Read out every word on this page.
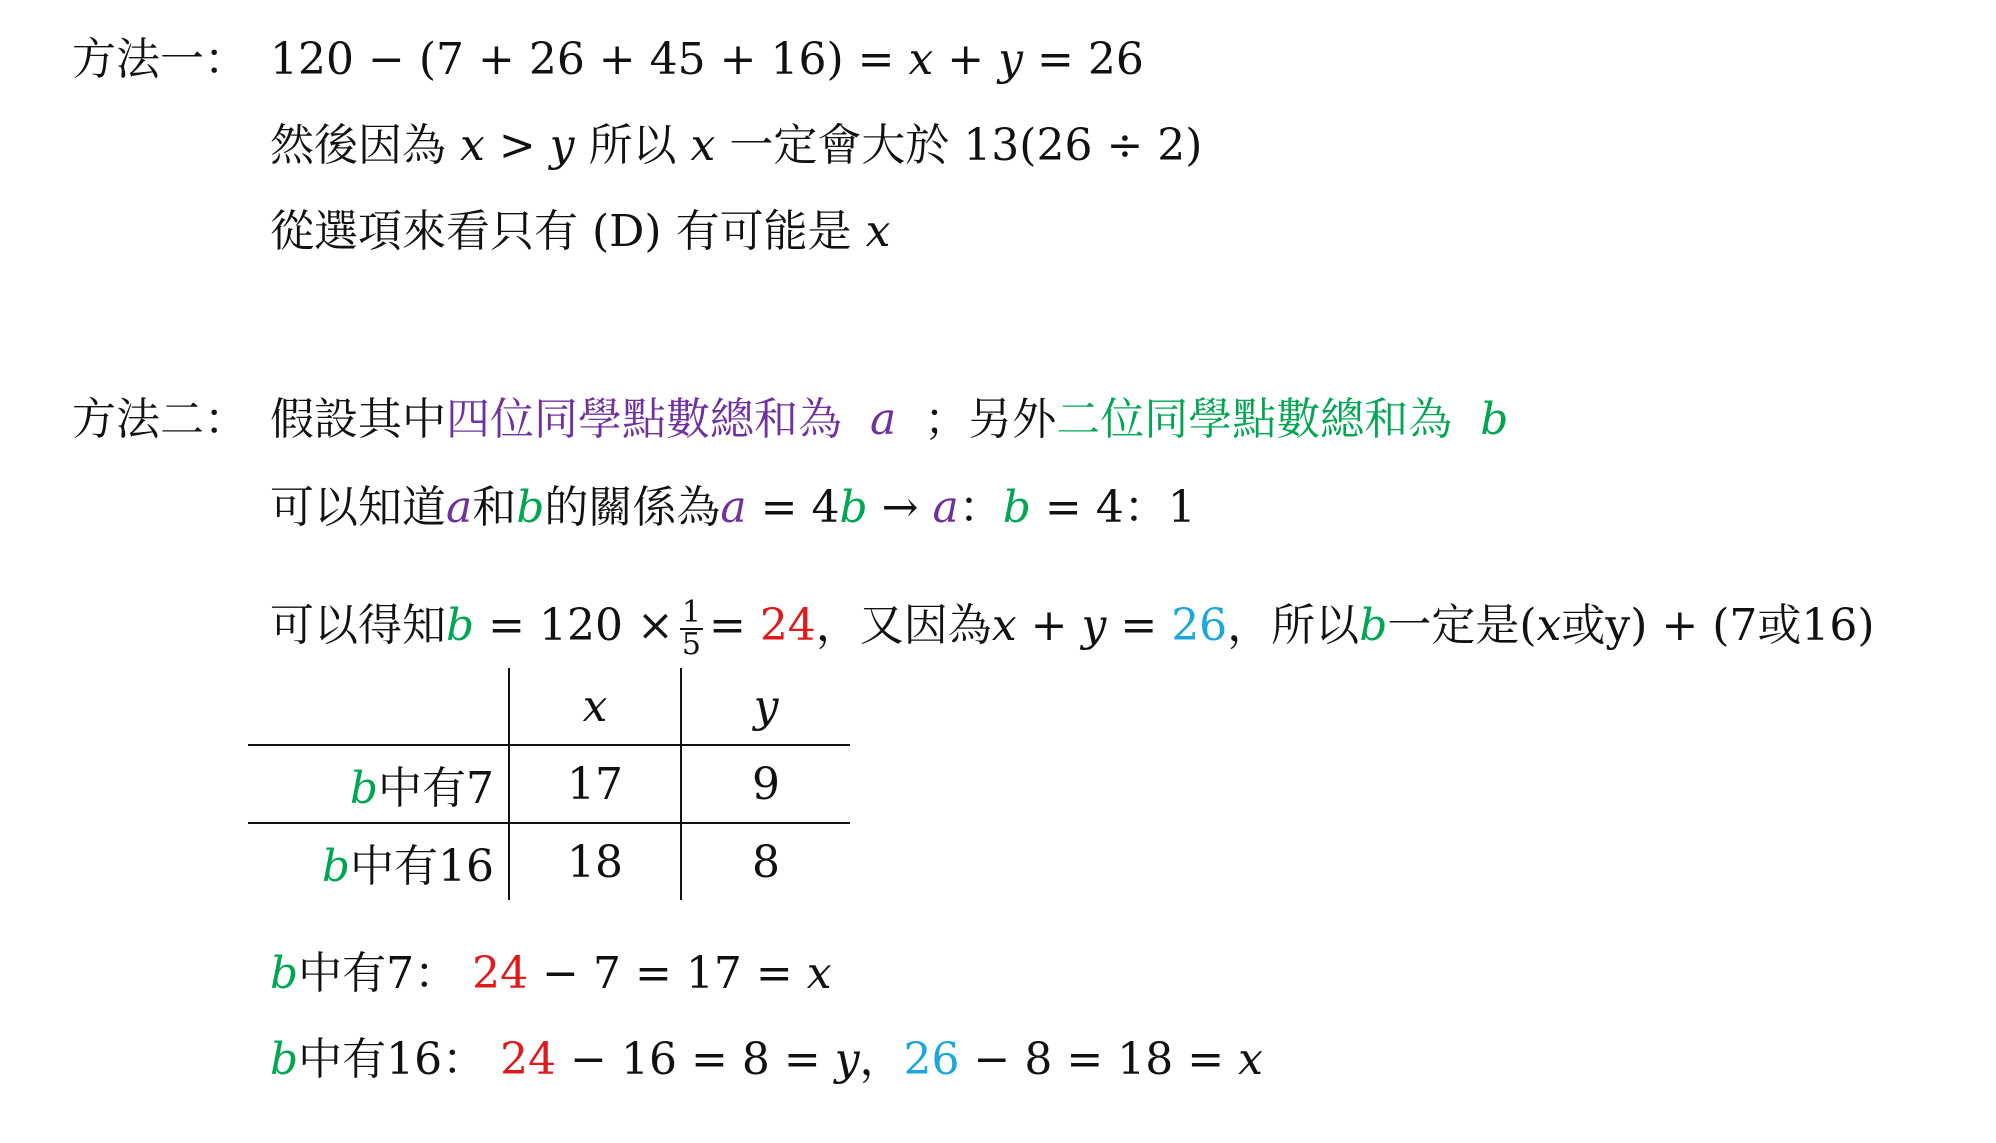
方法一： 120 − (7 + 26 + 45 + 16) = x + y = 26
然後因為 x > y 所以 x 一定會大於 13(26 ÷ 2)
從選項來看只有 (D) 有可能是 x
方法二： 假設其中四位同學點數總和為 a ；另外二位同學點數總和為 b
可以知道a和b的關係為a = 4b → a：b = 4：1
可以得知$b = 120 \times \frac{1}{5} = 24$，又因為x + y = 26，所以b一定是(x或y) + (7或16)
	x	y
b中有7	17	9
b中有16	18	8
b中有7： 24 − 7 = 17 = x
b中有16： 24 − 16 = 8 = y，26 − 8 = 18 = x
